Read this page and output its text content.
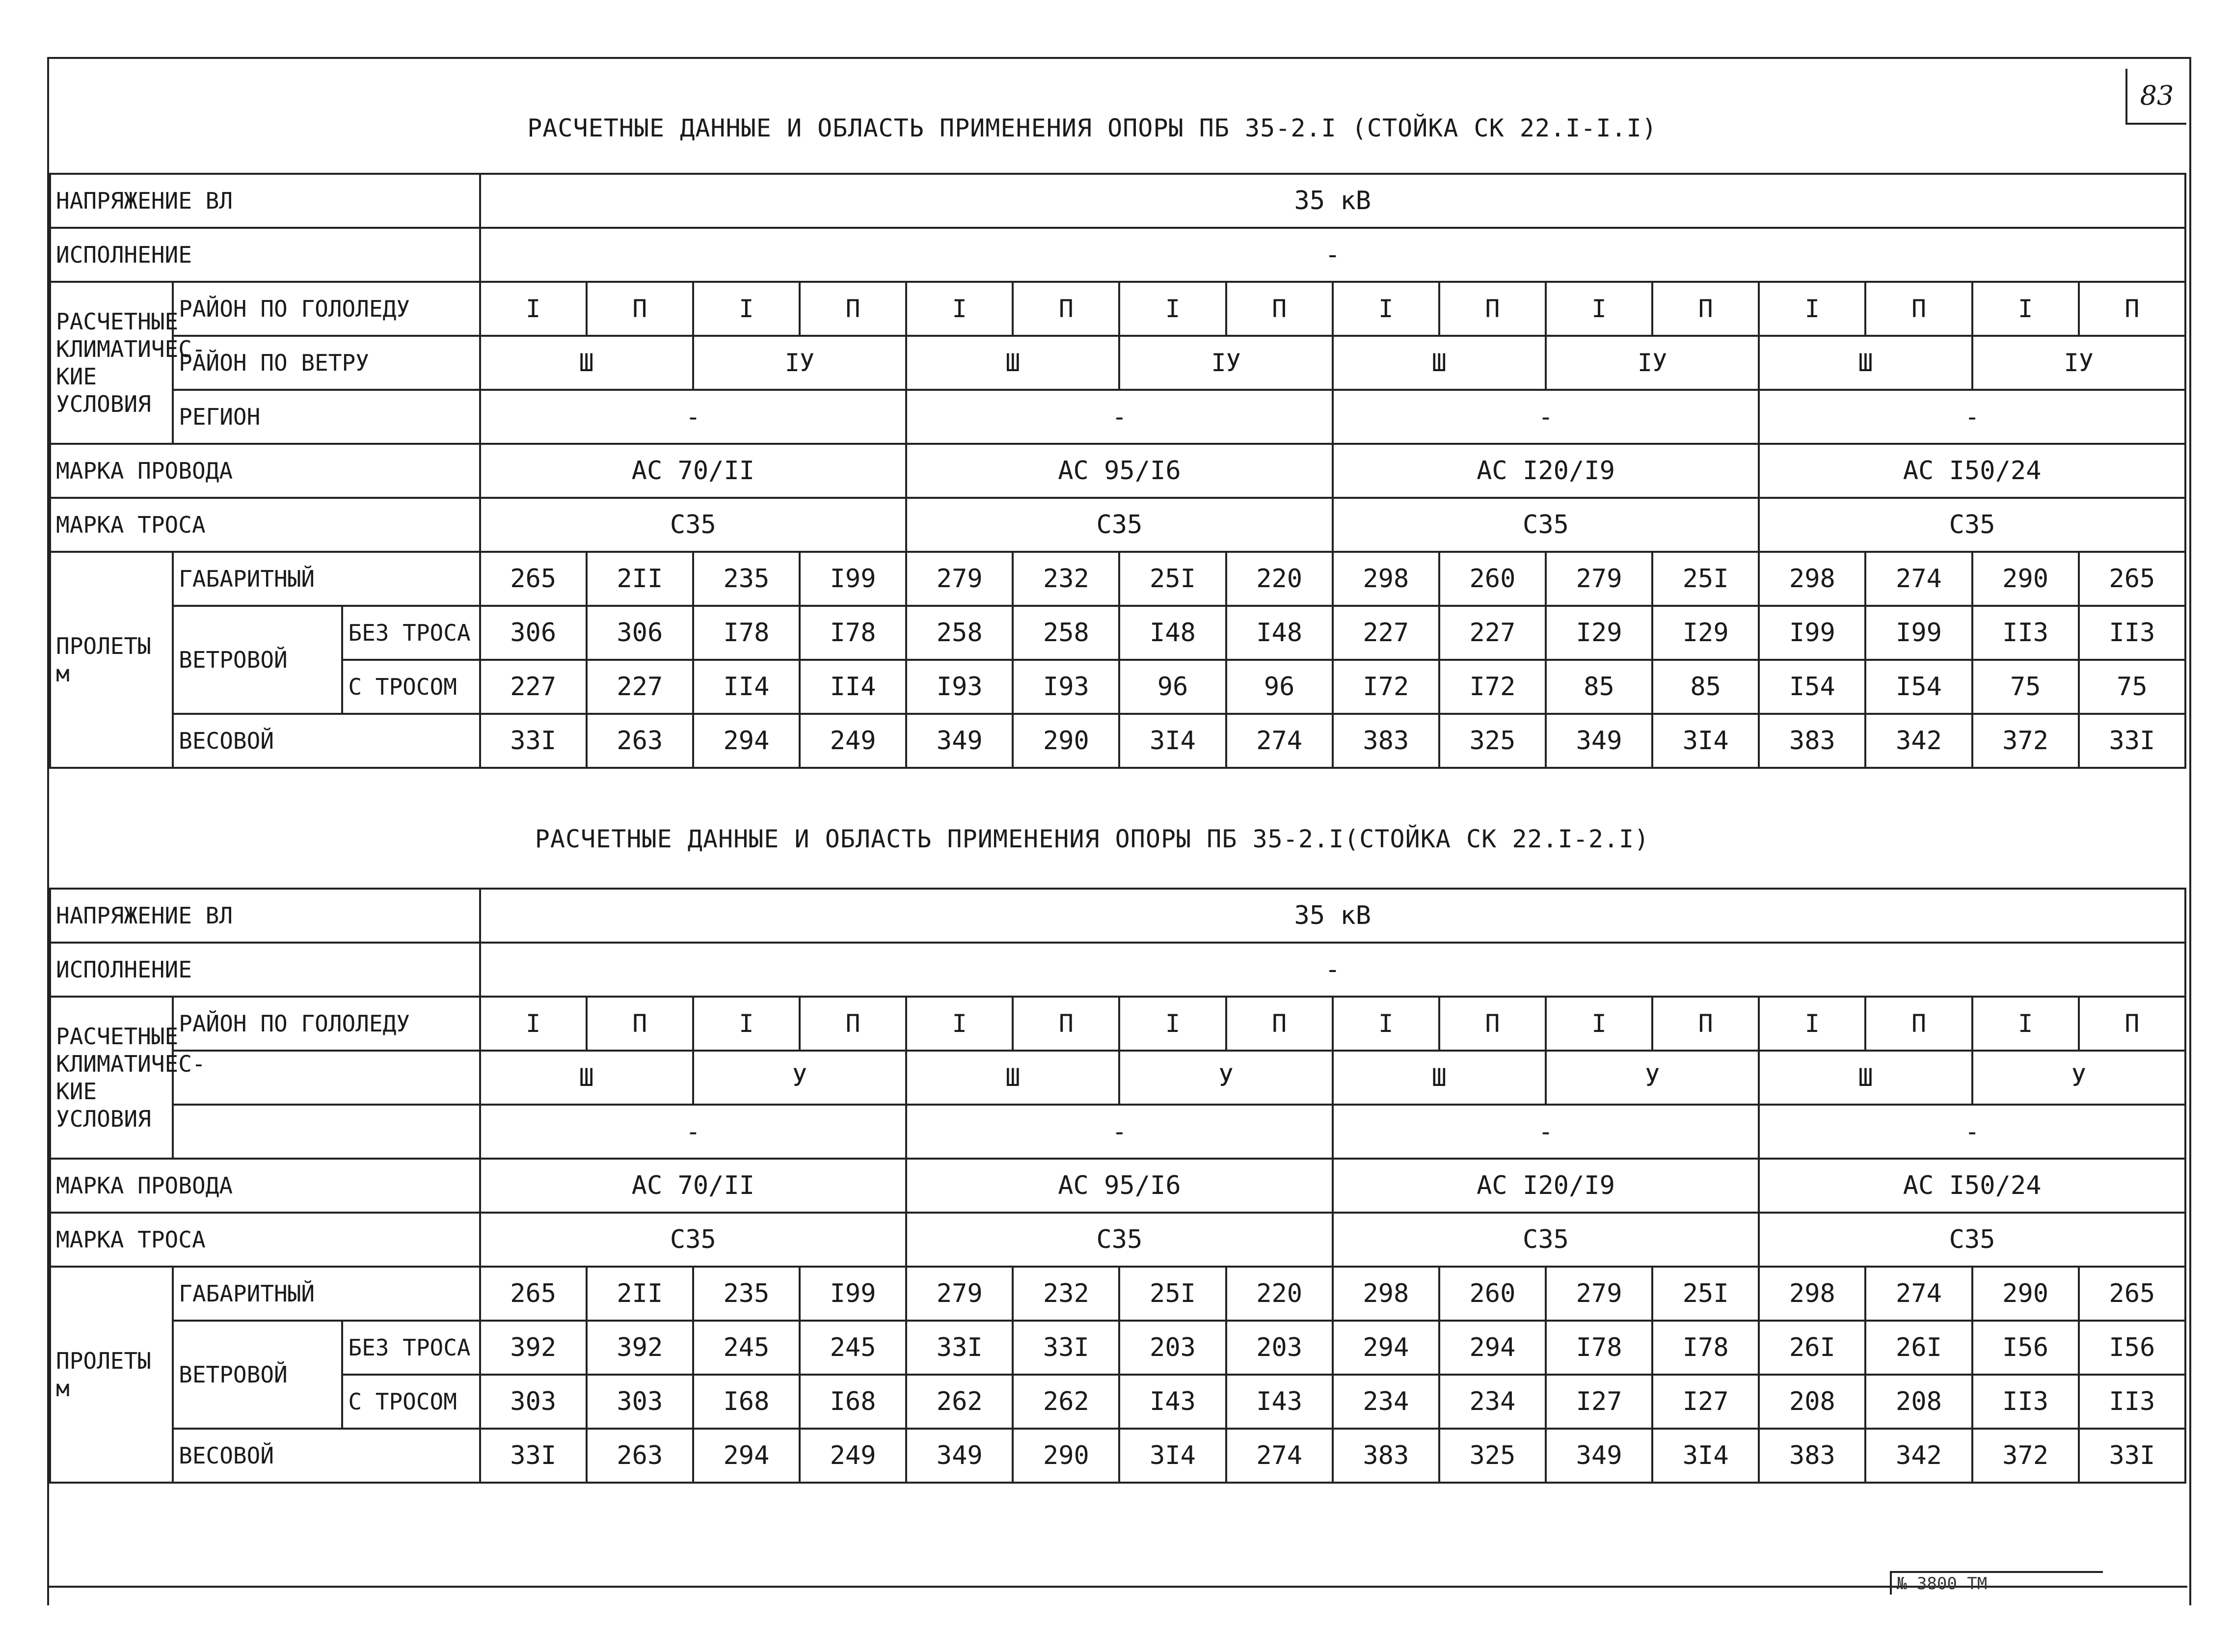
83
РАСЧЕТНЫЕ ДАННЫЕ И ОБЛАСТЬ ПРИМЕНЕНИЯ ОПОРЫ ПБ 35-2.I (СТОЙКА СК 22.I-I.I)
НАПРЯЖЕНИЕ ВЛ			35 кВ															
ИСПОЛНЕНИЕ			-															
РАСЧЕТНЫЕ КЛИМАТИЧЕС-КИЕ УСЛОВИЯ	РАЙОН ПО ГОЛОЛЕДУ		I	П	I	П	I	П	I	П	I	П	I	П	I	П	I	П
	РАЙОН ПО ВЕТРУ		Ш		IУ		Ш		IУ		Ш		IУ		Ш		IУ	
	РЕГИОН		-				-				-				-			
МАРКА ПРОВОДА			АС 70/II				АС 95/I6				АС I20/I9				АС I50/24			
МАРКА ТРОСА			С35				С35				С35				С35			
ПРОЛЕТЫ м	ГАБАРИТНЫЙ		265	2II	235	I99	279	232	25I	220	298	260	279	25I	298	274	290	265
	ВЕТРОВОЙ	БЕЗ ТРОСА	306	306	I78	I78	258	258	I48	I48	227	227	I29	I29	I99	I99	II3	II3
		С ТРОСОМ	227	227	II4	II4	I93	I93	96	96	I72	I72	85	85	I54	I54	75	75
	ВЕСОВОЙ		33I	263	294	249	349	290	3I4	274	383	325	349	3I4	383	342	372	33I
РАСЧЕТНЫЕ ДАННЫЕ И ОБЛАСТЬ ПРИМЕНЕНИЯ ОПОРЫ ПБ 35-2.I(СТОЙКА СК 22.I-2.I)
НАПРЯЖЕНИЕ ВЛ			35 кВ															
ИСПОЛНЕНИЕ			-															
РАСЧЕТНЫЕ КЛИМАТИЧЕС-КИЕ УСЛОВИЯ	РАЙОН ПО ГОЛОЛЕДУ		I	П	I	П	I	П	I	П	I	П	I	П	I	П	I	П
			Ш		У		Ш		У		Ш		У		Ш		У	
			-				-				-				-			
МАРКА ПРОВОДА			АС 70/II				АС 95/I6				АС I20/I9				АС I50/24			
МАРКА ТРОСА			С35				С35				С35				С35			
ПРОЛЕТЫ м	ГАБАРИТНЫЙ		265	2II	235	I99	279	232	25I	220	298	260	279	25I	298	274	290	265
	ВЕТРОВОЙ	БЕЗ ТРОСА	392	392	245	245	33I	33I	203	203	294	294	I78	I78	26I	26I	I56	I56
		С ТРОСОМ	303	303	I68	I68	262	262	I43	I43	234	234	I27	I27	208	208	II3	II3
	ВЕСОВОЙ		33I	263	294	249	349	290	3I4	274	383	325	349	3I4	383	342	372	33I
№ 3800 ТМ
